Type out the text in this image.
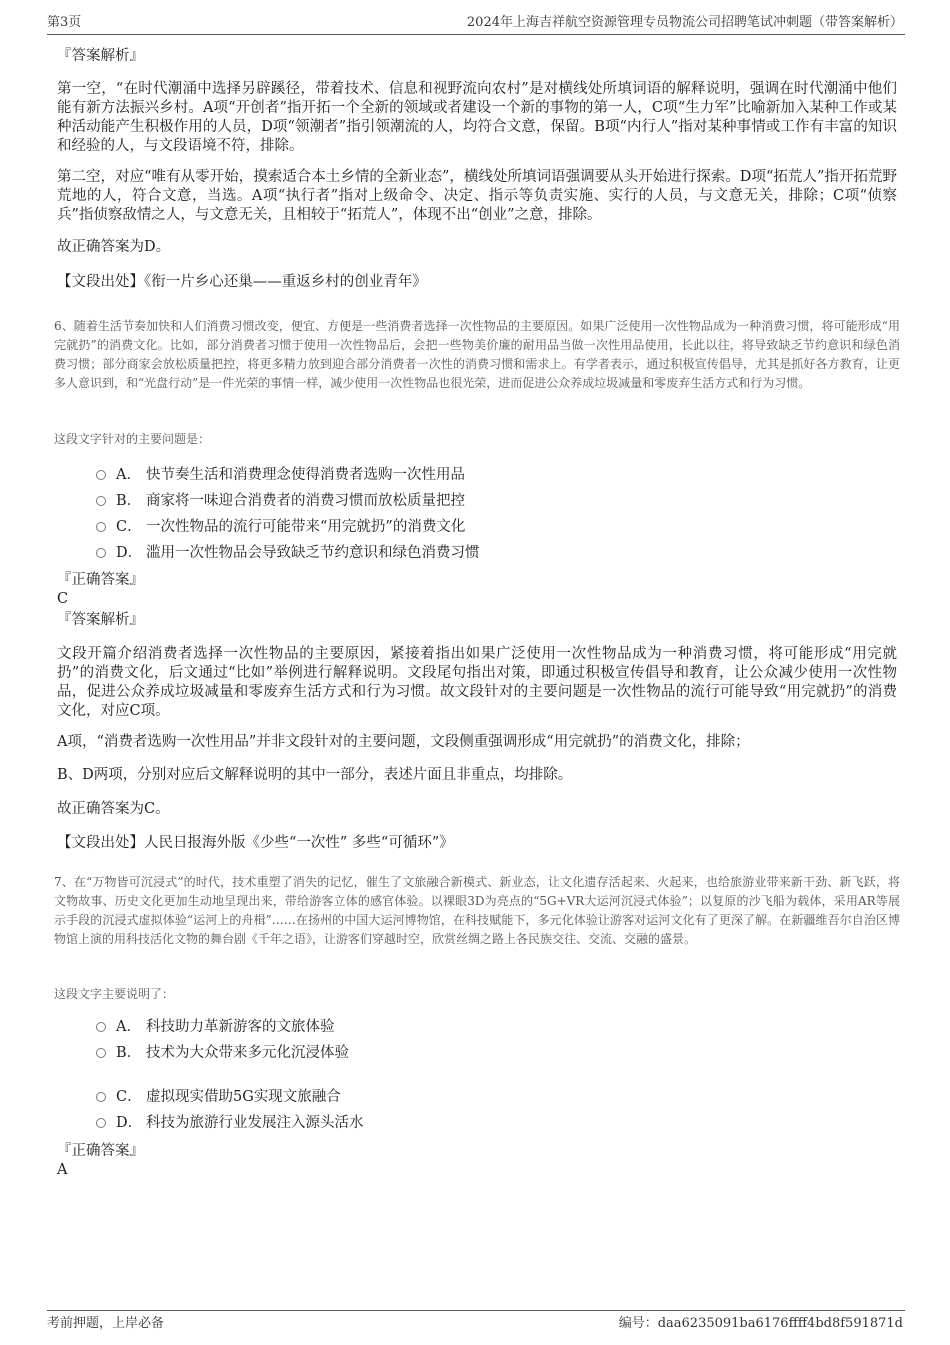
第3页	2024年上海吉祥航空资源管理专员物流公司招聘笔试冲刺题（带答案解析）

『答案解析』

第一空，“在时代潮涌中选择另辟蹊径，带着技术、信息和视野流向农村”是对横线处所填词语的解释说明，强调在时代潮涌中他们能有新方法振兴乡村。A项“开创者”指开拓一个全新的领域或者建设一个新的事物的第一人，C项“生力军”比喻新加入某种工作或某种活动能产生积极作用的人员，D项“领潮者”指引领潮流的人，均符合文意，保留。B项“内行人”指对某种事情或工作有丰富的知识和经验的人，与文段语境不符，排除。

第二空，对应“唯有从零开始，摸索适合本土乡情的全新业态”，横线处所填词语强调要从头开始进行探索。D项“拓荒人”指开拓荒野荒地的人，符合文意，当选。A项“执行者”指对上级命令、决定、指示等负责实施、实行的人员，与文意无关，排除；C项“侦察兵”指侦察敌情之人，与文意无关，且相较于“拓荒人”，体现不出“创业”之意，排除。

故正确答案为D。

【文段出处】《衔一片乡心还巢——重返乡村的创业青年》

6、随着生活节奏加快和人们消费习惯改变，便宜、方便是一些消费者选择一次性物品的主要原因。如果广泛使用一次性物品成为一种消费习惯，将可能形成“用完就扔”的消费文化。比如，部分消费者习惯于使用一次性物品后，会把一些物美价廉的耐用品当做一次性用品使用，长此以往，将导致缺乏节约意识和绿色消费习惯；部分商家会放松质量把控，将更多精力放到迎合部分消费者一次性的消费习惯和需求上。有学者表示，通过积极宣传倡导，尤其是抓好各方教育，让更多人意识到，和“光盘行动”是一件光荣的事情一样，减少使用一次性物品也很光荣，进而促进公众养成垃圾减量和零废弃生活方式和行为习惯。

这段文字针对的主要问题是：

A． 快节奏生活和消费理念使得消费者选购一次性用品
B． 商家将一味迎合消费者的消费习惯而放松质量把控
C． 一次性物品的流行可能带来“用完就扔”的消费文化
D． 滥用一次性物品会导致缺乏节约意识和绿色消费习惯
『正确答案』
C
『答案解析』

文段开篇介绍消费者选择一次性物品的主要原因，紧接着指出如果广泛使用一次性物品成为一种消费习惯，将可能形成“用完就扔”的消费文化，后文通过“比如”举例进行解释说明。文段尾句指出对策，即通过积极宣传倡导和教育，让公众减少使用一次性物品，促进公众养成垃圾减量和零废弃生活方式和行为习惯。故文段针对的主要问题是一次性物品的流行可能导致“用完就扔”的消费文化，对应C项。

A项，“消费者选购一次性用品”并非文段针对的主要问题，文段侧重强调形成“用完就扔”的消费文化，排除；

B、D两项，分别对应后文解释说明的其中一部分，表述片面且非重点，均排除。

故正确答案为C。

【文段出处】人民日报海外版《少些“一次性” 多些“可循环”》

7、在“万物皆可沉浸式”的时代，技术重塑了消失的记忆，催生了文旅融合新模式、新业态，让文化遗存活起来、火起来，也给旅游业带来新干劲、新飞跃，将文物故事、历史文化更加生动地呈现出来，带给游客立体的感官体验。以裸眼3D为亮点的“5G+VR大运河沉浸式体验”；以复原的沙飞船为载体，采用AR等展示手段的沉浸式虚拟体验“运河上的舟楫”……在扬州的中国大运河博物馆，在科技赋能下，多元化体验让游客对运河文化有了更深了解。在新疆维吾尔自治区博物馆上演的用科技活化文物的舞台剧《千年之语》，让游客们穿越时空，欣赏丝绸之路上各民族交往、交流、交融的盛景。

这段文字主要说明了：

A． 科技助力革新游客的文旅体验
B． 技术为大众带来多元化沉浸体验
C． 虚拟现实借助5G实现文旅融合
D． 科技为旅游行业发展注入源头活水
『正确答案』
A
考前押题，上岸必备	编号：daa6235091ba6176ffff4bd8f591871d
